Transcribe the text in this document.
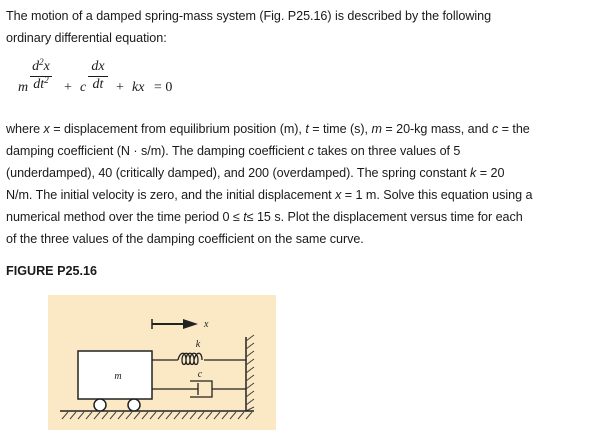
The motion of a damped spring-mass system (Fig. P25.16) is described by the following
ordinary differential equation:
m
$d^2x$
$dt^2 + c$
dx
dt + kx = 0
where x = displacement from equilibrium position (m), t = time (s), m = 20-kg mass, and c = the
damping coefficient (N · s/m). The damping coefficient c takes on three values of 5
(underdamped), 40 (critically damped), and 200 (overdamped). The spring constant k = 20
N/m. The initial velocity is zero, and the initial displacement x = 1 m. Solve this equation using a
numerical method over the time period 0 ≤ t≤ 15 s. Plot the displacement versus time for each
of the three values of the damping coefficient on the same curve.
FIGURE P25.16
m
x
k
c
